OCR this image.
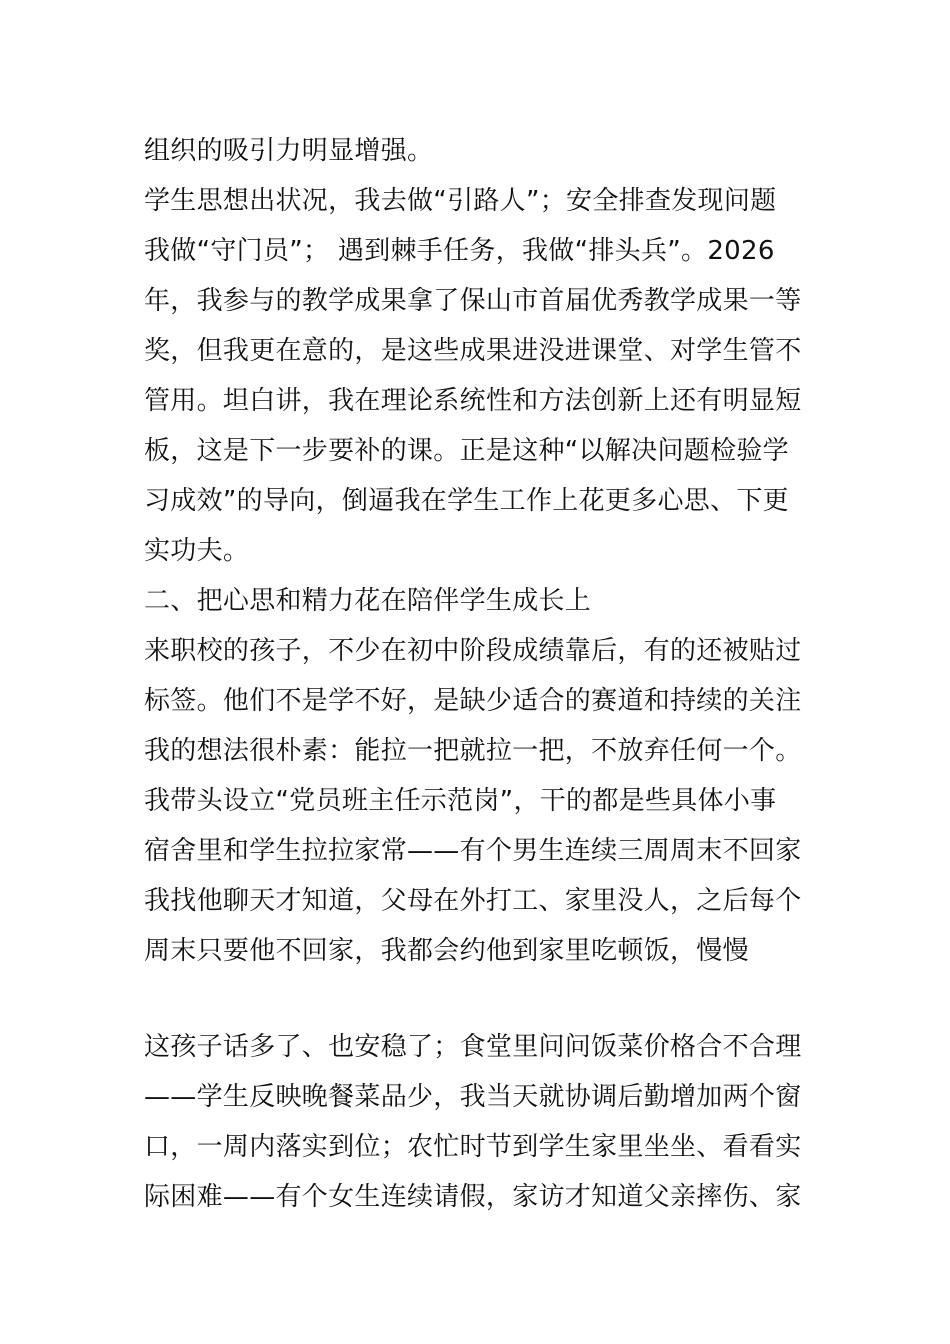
组织的吸引力明显增强。
学生思想出状况，我去做“引路人”；安全排查发现问题
我做“守门员”； 遇到棘手任务，我做“排头兵”。2026
年，我参与的教学成果拿了保山市首届优秀教学成果一等
奖，但我更在意的，是这些成果进没进课堂、对学生管不
管用。坦白讲，我在理论系统性和方法创新上还有明显短
板，这是下一步要补的课。正是这种“以解决问题检验学
习成效”的导向，倒逼我在学生工作上花更多心思、下更
实功夫。
二、把心思和精力花在陪伴学生成长上
来职校的孩子，不少在初中阶段成绩靠后，有的还被贴过
标签。他们不是学不好，是缺少适合的赛道和持续的关注
我的想法很朴素：能拉一把就拉一把，不放弃任何一个。
我带头设立“党员班主任示范岗”，干的都是些具体小事
宿舍里和学生拉拉家常——有个男生连续三周周末不回家
我找他聊天才知道，父母在外打工、家里没人，之后每个
周末只要他不回家，我都会约他到家里吃顿饭，慢慢
这孩子话多了、也安稳了；食堂里问问饭菜价格合不合理
——学生反映晚餐菜品少，我当天就协调后勤增加两个窗
口，一周内落实到位；农忙时节到学生家里坐坐、看看实
际困难——有个女生连续请假，家访才知道父亲摔伤、家
